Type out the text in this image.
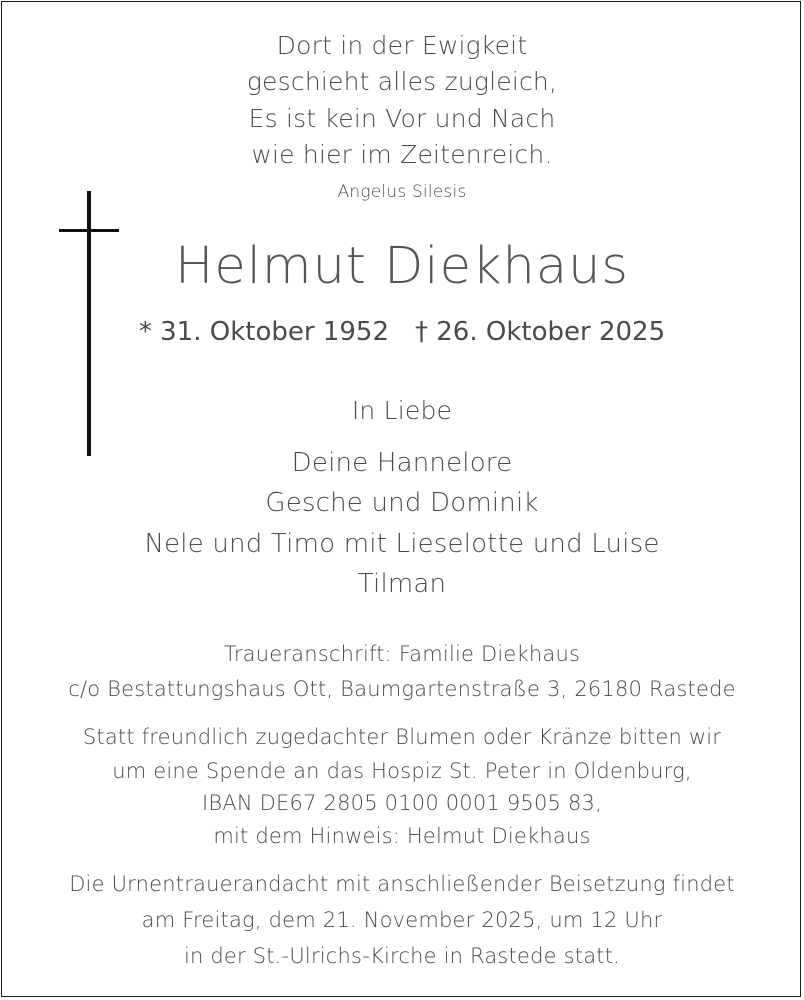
Dort in der Ewigkeit
geschieht alles zugleich,
Es ist kein Vor und Nach
wie hier im Zeitenreich.
Angelus Silesis
Helmut Diekhaus
* 31. Oktober 1952 † 26. Oktober 2025
In Liebe
Deine Hannelore
Gesche und Dominik
Nele und Timo mit Lieselotte und Luise
Tilman
Traueranschrift: Familie Diekhaus
c/o Bestattungshaus Ott, Baumgartenstraße 3, 26180 Rastede
Statt freundlich zugedachter Blumen oder Kränze bitten wir
um eine Spende an das Hospiz St. Peter in Oldenburg,
IBAN DE67 2805 0100 0001 9505 83,
mit dem Hinweis: Helmut Diekhaus
Die Urnentrauerandacht mit anschließender Beisetzung findet
am Freitag, dem 21. November 2025, um 12 Uhr
in der St.-Ulrichs-Kirche in Rastede statt.
